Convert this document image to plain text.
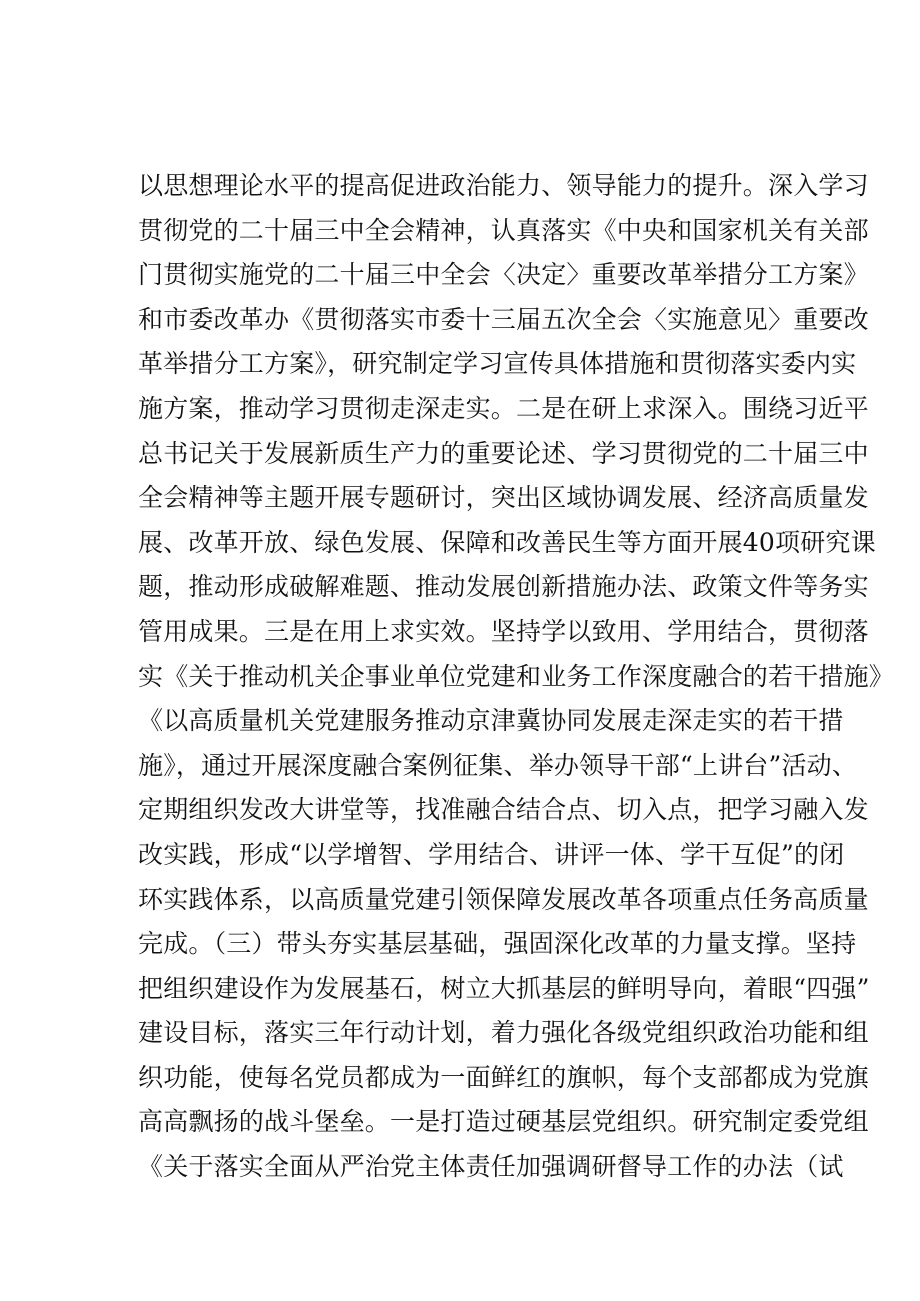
以思想理论水平的提高促进政治能力、领导能力的提升。深入学习
贯彻党的二十届三中全会精神，认真落实《中央和国家机关有关部
门贯彻实施党的二十届三中全会〈决定〉重要改革举措分工方案》
和市委改革办《贯彻落实市委十三届五次全会〈实施意见〉重要改
革举措分工方案》，研究制定学习宣传具体措施和贯彻落实委内实
施方案，推动学习贯彻走深走实。二是在研上求深入。围绕习近平
总书记关于发展新质生产力的重要论述、学习贯彻党的二十届三中
全会精神等主题开展专题研讨，突出区域协调发展、经济高质量发
展、改革开放、绿色发展、保障和改善民生等方面开展40项研究课
题，推动形成破解难题、推动发展创新措施办法、政策文件等务实
管用成果。三是在用上求实效。坚持学以致用、学用结合，贯彻落
实《关于推动机关企事业单位党建和业务工作深度融合的若干措施》
《以高质量机关党建服务推动京津冀协同发展走深走实的若干措
施》，通过开展深度融合案例征集、举办领导干部“上讲台”活动、
定期组织发改大讲堂等，找准融合结合点、切入点，把学习融入发
改实践，形成“以学增智、学用结合、讲评一体、学干互促”的闭
环实践体系，以高质量党建引领保障发展改革各项重点任务高质量
完成。（三）带头夯实基层基础，强固深化改革的力量支撑。坚持
把组织建设作为发展基石，树立大抓基层的鲜明导向，着眼“四强”
建设目标，落实三年行动计划，着力强化各级党组织政治功能和组
织功能，使每名党员都成为一面鲜红的旗帜，每个支部都成为党旗
高高飘扬的战斗堡垒。一是打造过硬基层党组织。研究制定委党组
《关于落实全面从严治党主体责任加强调研督导工作的办法（试
